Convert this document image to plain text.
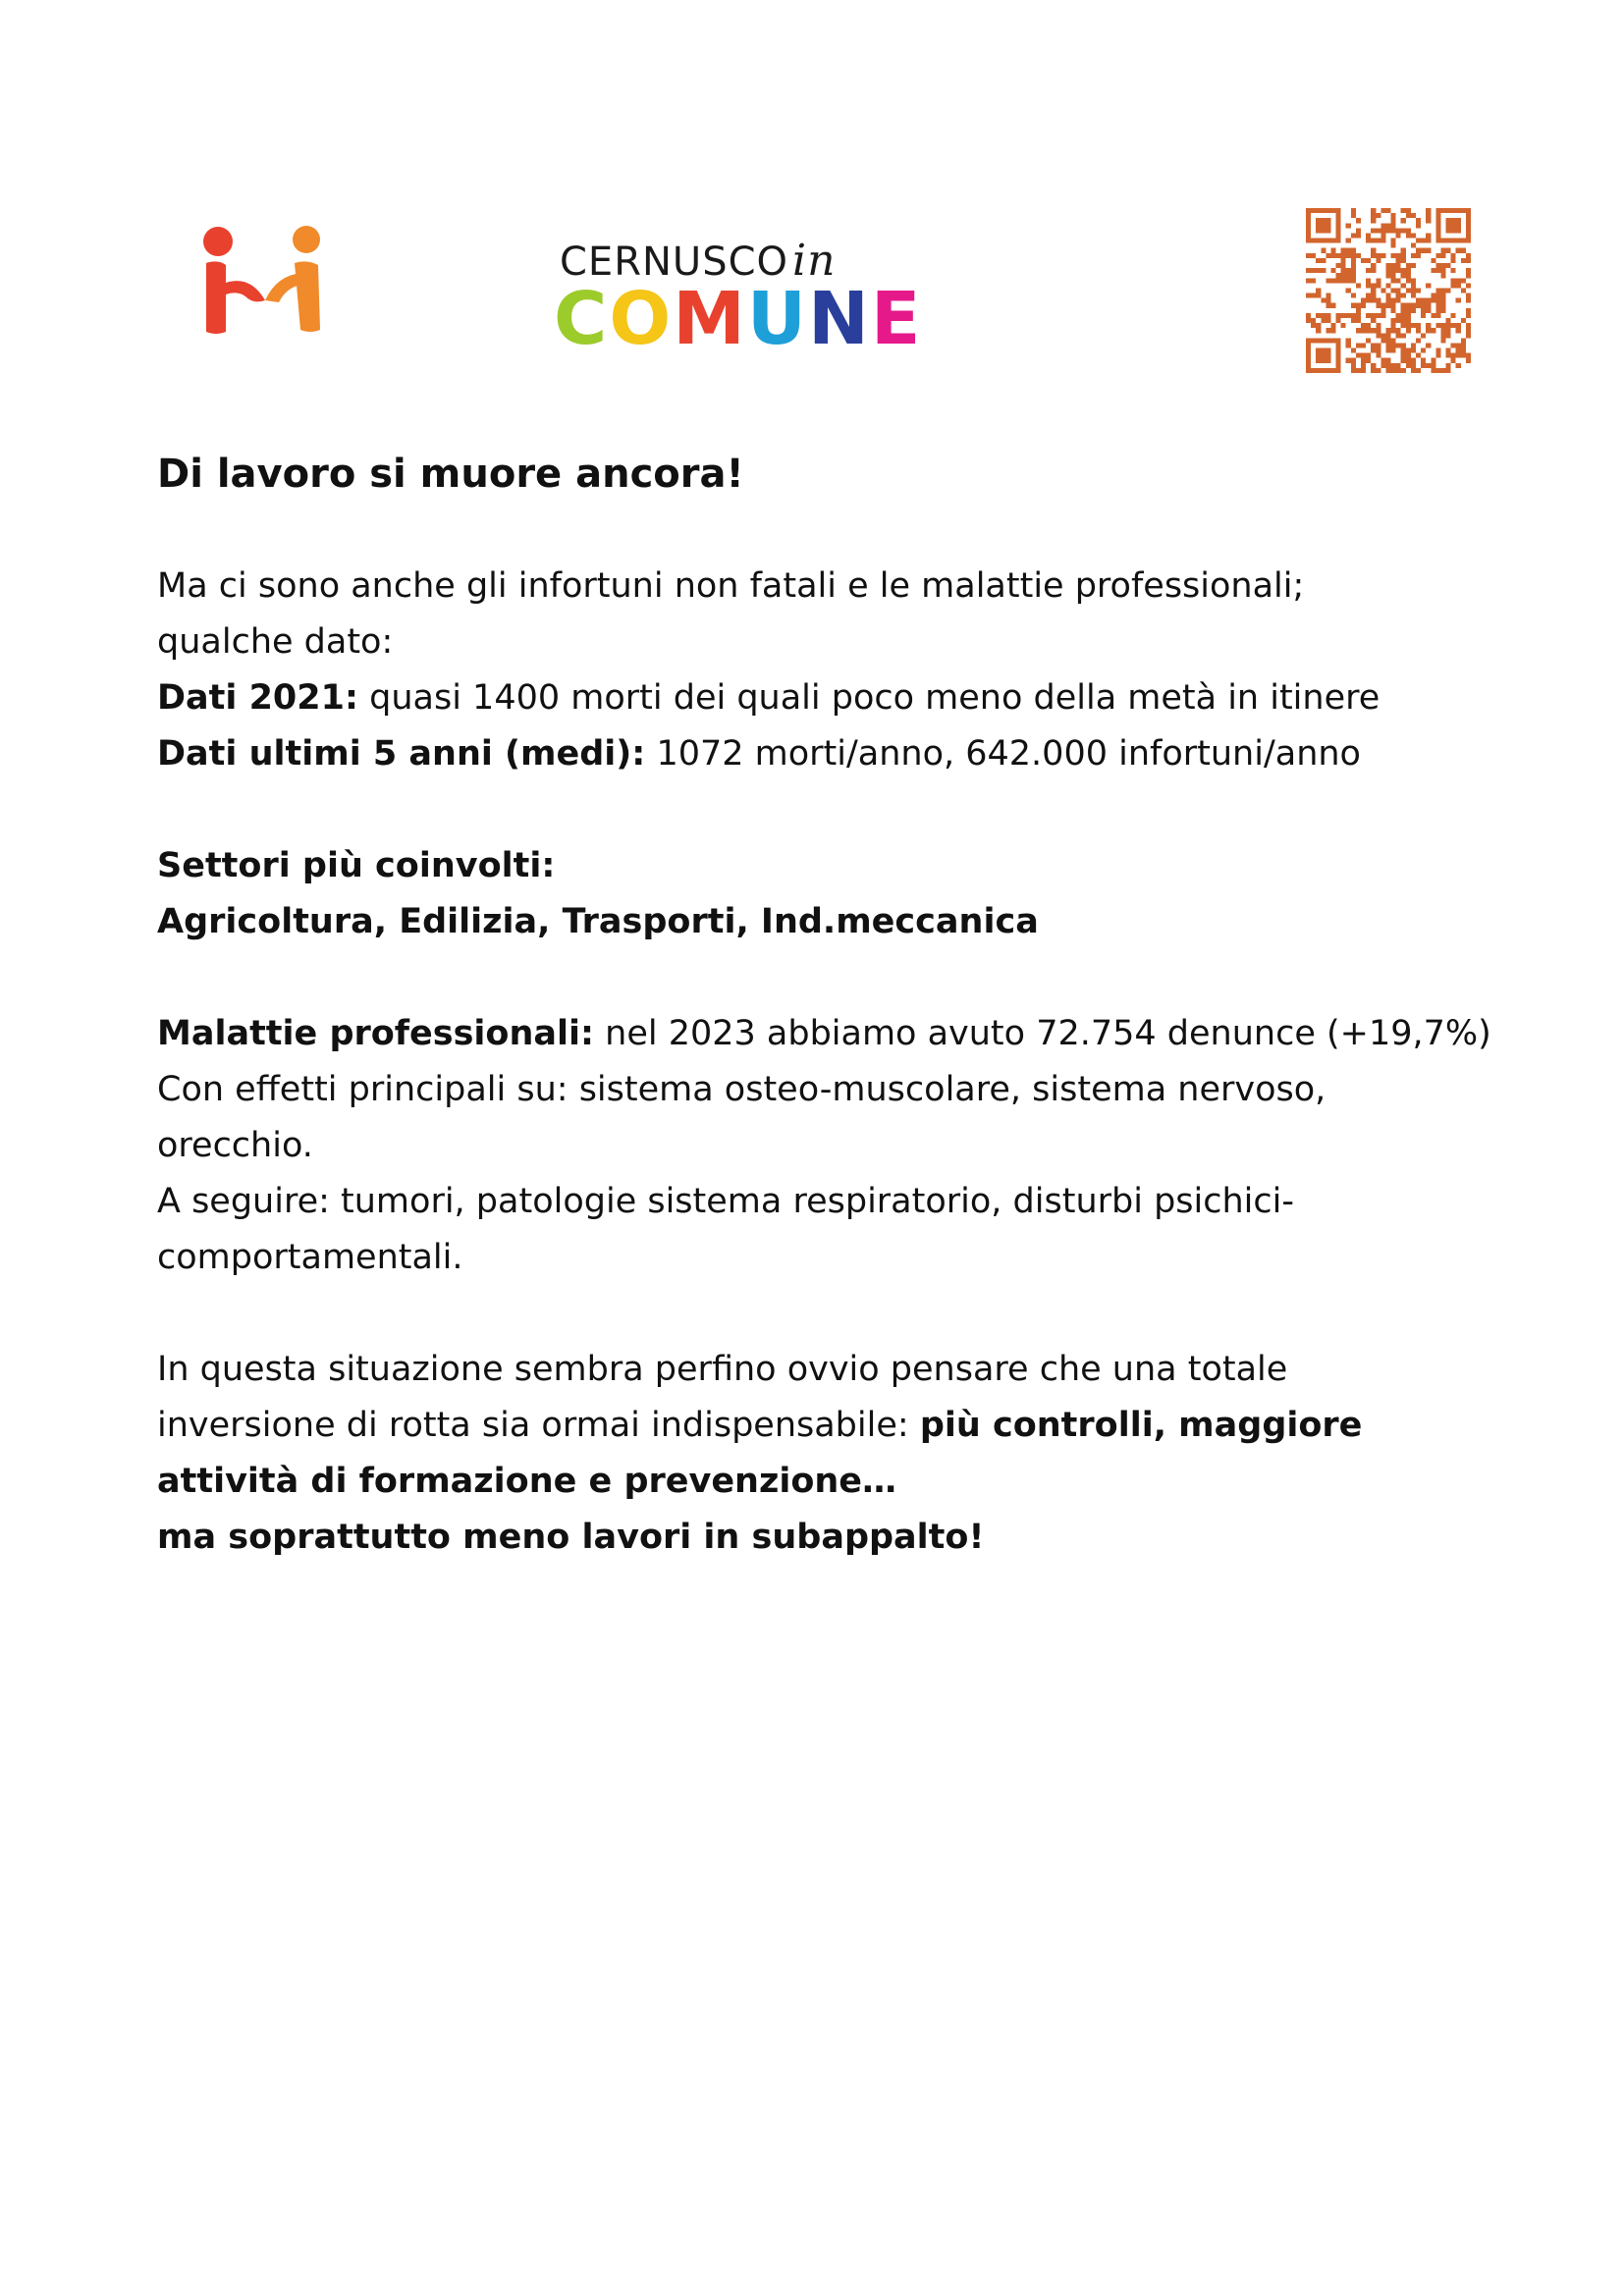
CERNUSCOin
COMUNE
Di lavoro si muore ancora!

Ma ci sono anche gli infortuni non fatali e le malattie professionali;

qualche dato:

Dati 2021: quasi 1400 morti dei quali poco meno della metà in itinere

Dati ultimi 5 anni (medi): 1072 morti/anno, 642.000 infortuni/anno

Settori più coinvolti:

Agricoltura, Edilizia, Trasporti, Ind.meccanica

Malattie professionali: nel 2023 abbiamo avuto 72.754 denunce (+19,7%)

Con effetti principali su: sistema osteo-muscolare, sistema nervoso,

orecchio.

A seguire: tumori, patologie sistema respiratorio, disturbi psichici-

comportamentali.

In questa situazione sembra perfino ovvio pensare che una totale

inversione di rotta sia ormai indispensabile: più controlli, maggiore

attività di formazione e prevenzione…

ma soprattutto meno lavori in subappalto!
